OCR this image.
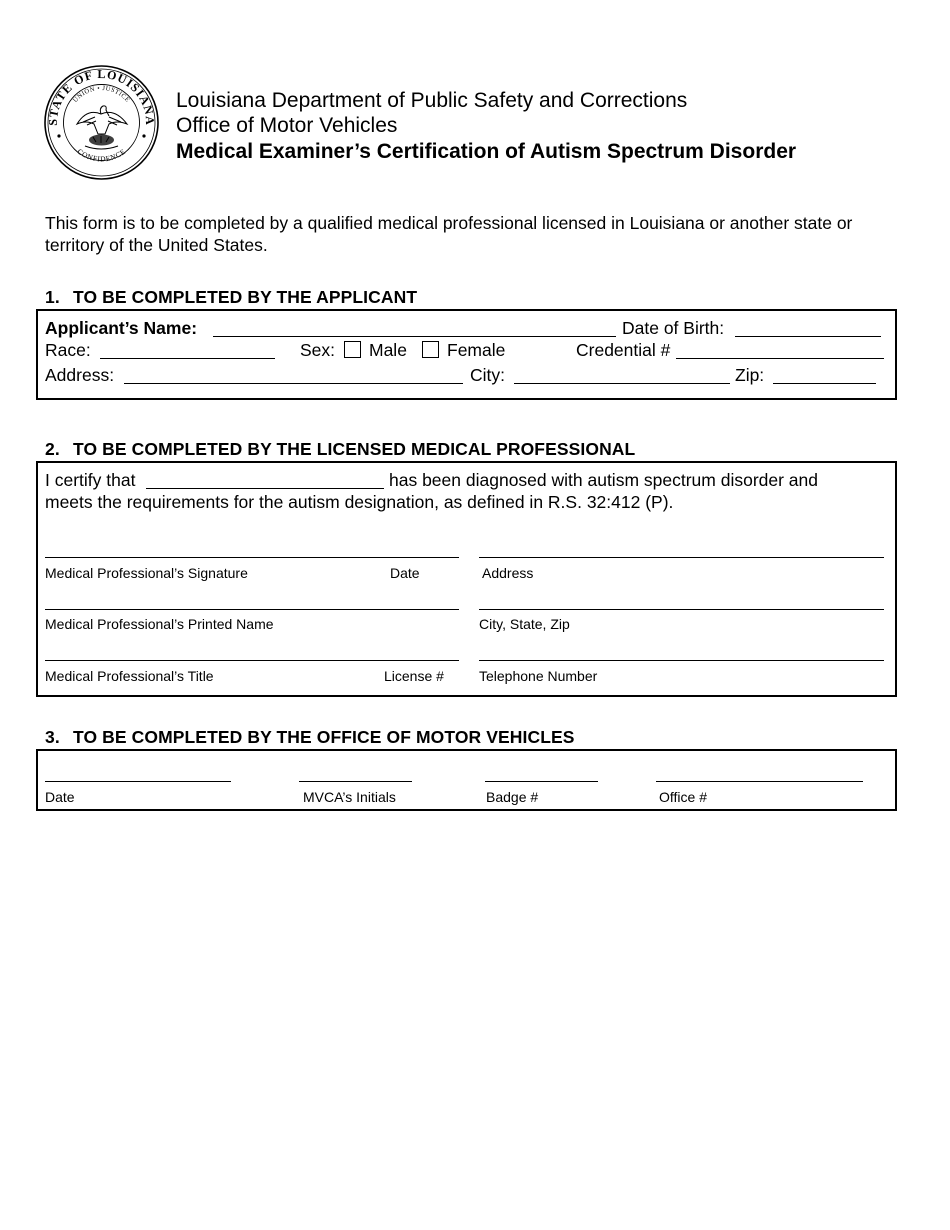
STATE OF LOUISIANA
UNION • JUSTICE
CONFIDENCE
Louisiana Department of Public Safety and Corrections
Office of Motor Vehicles
Medical Examiner’s Certification of Autism Spectrum Disorder
This form is to be completed by a qualified medical professional licensed in Louisiana or another state or territory of the United States.
1. TO BE COMPLETED BY THE APPLICANT
Applicant’s Name:	Date of Birth:
Race:	Sex: Male Female	Credential #
Address:	City:	Zip:
2. TO BE COMPLETED BY THE LICENSED MEDICAL PROFESSIONAL
I certify that	has been diagnosed with autism spectrum disorder and
meets the requirements for the autism designation, as defined in R.S. 32:412 (P).
Medical Professional’s Signature	Date	Address
Medical Professional’s Printed Name	City, State, Zip
Medical Professional’s Title	License #	Telephone Number
3. TO BE COMPLETED BY THE OFFICE OF MOTOR VEHICLES
Date	MVCA’s Initials	Badge #	Office #
